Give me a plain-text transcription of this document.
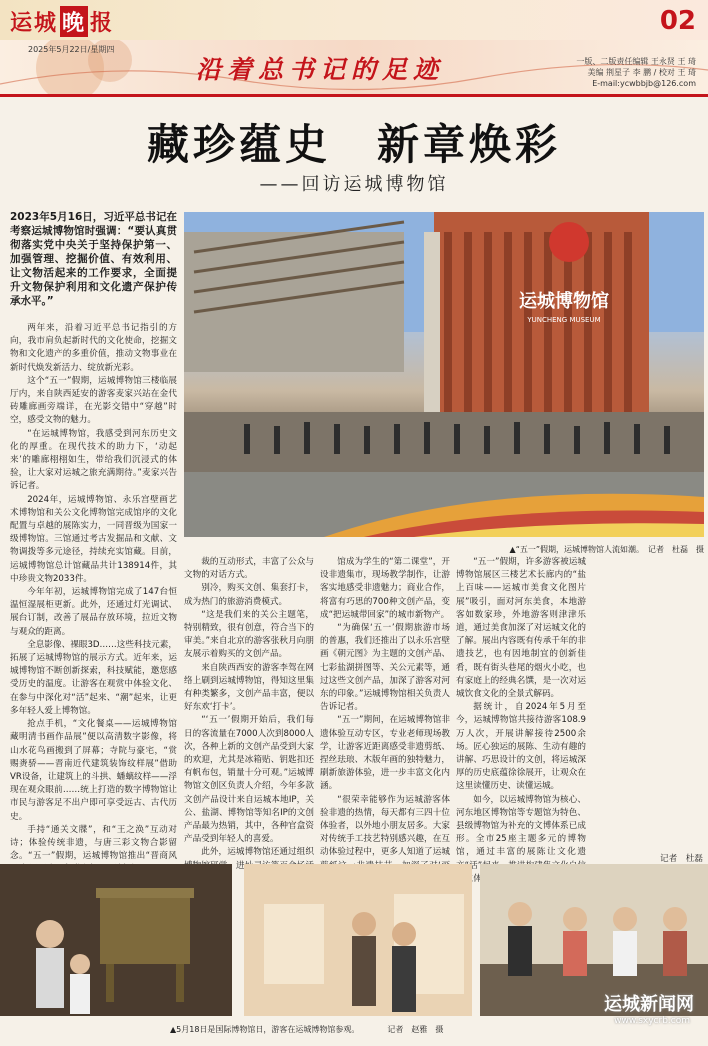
运城 晚 报	02
2025年5月22日/星期四
沿着总书记的足迹	一版、二版责任编辑 王永贤 王 琦
美编 荆星子 李 鹏 / 校对 王 琦
E-mail:ycwbbjb@126.com
藏珍蕴史　新章焕彩
——回访运城博物馆
2023年5月16日，习近平总书记在考察运城博物馆时强调：“要认真贯彻落实党中央关于坚持保护第一、加强管理、挖掘价值、有效利用、让文物活起来的工作要求，全面提升文物保护利用和文化遗产保护传承水平。”	运城博物馆
YUNCHENG MUSEUM
▲“五一”假期，运城博物馆人流如潮。　记者　杜磊　摄

两年来，沿着习近平总书记指引的方向，我市肩负起新时代的文化使命，挖掘文物和文化遗产的多重价值，推动文物事业在新时代焕发新活力、绽放新光彩。

这个“五一”假期，运城博物馆三楼临展厅内，来自陕西延安的游客麦家兴站在金代砖雕廊画旁端详，在光影交错中“穿越”时空，感受文物的魅力。

“在运城博物馆，我感受到河东历史文化的厚重。在现代技术的助力下，‘动起来’的雕廊栩栩如生，带给我们沉浸式的体验，让大家对运城之旅充满期待。”麦家兴告诉记者。

2024年，运城博物馆、永乐宫壁画艺术博物馆和关公文化博物馆完成馆序的文化配置与卓越的展陈实力，一同晋级为国家一级博物馆。三馆通过考古发掘品和文献、文物调拨等多元途径，持续充实馆藏。目前，运城博物馆总计馆藏品共计138914件，其中珍贵文物2033件。

今年年初，运城博物馆完成了147台恒温恒湿展柜更新。此外，还通过灯光调试、展台订制，改善了展品存放环境，拉近文物与观众的距离。

全息影像、裸眼3D……这些科技元素，拓展了运城博物馆的展示方式。近年来，运城博物馆不断创新探索，科技赋能，邀您感受历史的温度。让游客在观赏中体验文化、在参与中深化对“活”起来、“潮”起来，让更多年轻人爱上博物馆。

抢点手机，“文化餐桌——运城博物馆藏明清书画作品展”便以高清数字影像，将山水花鸟画搬到了屏幕；寺院与豪宅，“赏赐赉骄——晋南近代建筑装饰纹样展”借助VR设备，让建筑上的斗拱、蟠螭纹样——浮现在观众眼前……统上打造的数字博物馆让市民与游客足不出户即可享受远古、古代历史。

手持“通关文牒”，和“王之涣”互动对诗；体验传统非遗，与唐三彩文物合影留念。“五一”假期，运城博物馆推出“晋商风

裁的互动形式，丰富了公众与文物的对话方式。

别冷，购买文创、集套打卡，成为热门的旅游消费模式。

“这是我们来的关公主题笔，特别精致，很有创意，符合当下的审美。”来自北京的游客张秋月向朋友展示着购买的文创产品。

来自陕西西安的游客李驾在网络上刷到运城博物馆，得知这里集有种类繁多，文创产品丰富，便以好东欢‘打卡’。

“‘五一’假期开始后，我们每日的客流量在7000人次到8000人次，各种上新的文创产品受到大家的欢迎，尤其是冰箱贴、钥匙扣还有帆布包，销量十分可观。”运城博物馆文创区负责人介绍，今年多款文创产品设计来自运城本地IP，关公、盐湖、博物馆等知名IP的文创产品最为热销，其中，各种官盒资产品受到年轻人的喜爱。

此外，运城博物馆还通过组织 、进

馆成为学生的“第二课堂”，开设非遗集市，现场教学制作，让游客实地感受非遗魅力；商业合作，将富有巧思的700种文创产品，变成“把运城带回家”的城市新物产。

“为确保‘五一’假期旅游市场的普惠，我们还推出了以永乐宫壁画《朝元图》为主题的文创产品、七彩盐湖拼图等、关公元素等，通过这些文创产品，加深了游客对河东的印象。”运城博物馆相关负责人告诉记者。

“五一”期间，在运城博物馆非遗体验互动专区，专业老师现场教学，让游客近距离感受非遗剪纸、捏丝珐琅、木版年画的独特魅力，刷新旅游体验，进一步丰富文化内涵。

“很荣幸能够作为运城游客体验非遗的热情，每天都有三四十位体验者，以外地小朋友居多。大家对传统手工技艺特别感兴趣，在互动体验过程中，更多人知道了运城

“五一”假期，许多游客被运城博物馆展区三楼艺术长廊内的“盐上百味——运城市美食文化图片展”吸引，面对河东美食，本地游客如数家珍，外地游客则津津乐道，通过美食加深了对运城文化的了解。展出内容既有传承千年的非遗技艺，也有因地制宜的创新佳肴，既有街头巷尾的烟火小吃，也有家庭上的经典名馔，是一次对运城饮食文化的全景式解码。

据统计，自2024年5月至今，运城博物馆共接待游客108.9万人次，开展讲解接待2500余场。匠心独运的展陈、生动有趣的讲解、巧思设计的文创，将运城深厚的历史底蕴徐徐展开，让观众在这里读懂历史、读懂运城。

如今，以运城博物馆为核心、河东地区博物馆等专题馆为特色、县级博物馆为补充的文博体系已成形。全市25座主题多元的博物馆，通过丰富的展陈让文化遗 “活” 立体

记者　杜磊
▲5月18日是国际博物馆日，游客在运城博物馆参观。　　　　记者　赵雅　摄
运城新闻网
www.sxycrb.com
